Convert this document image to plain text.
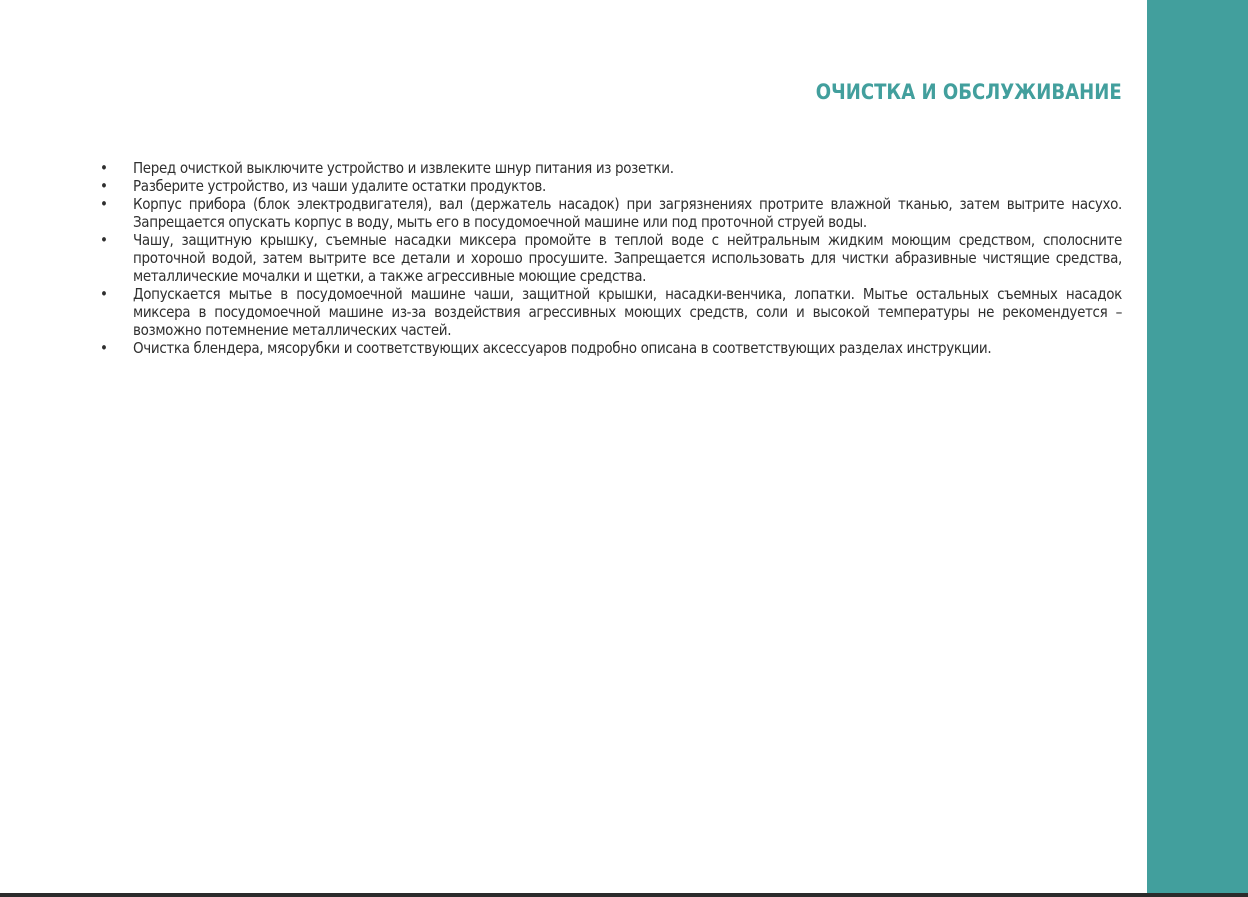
ОЧИСТКА И ОБСЛУЖИВАНИЕ
• Перед очисткой выключите устройство и извлеките шнур питания из розетки.
• Разберите устройство, из чаши удалите остатки продуктов.
• Корпус прибора (блок электродвигателя), вал (держатель насадок) при загрязнениях протрите влажной тканью, затем вытрите насухо. Запрещается опускать корпус в воду, мыть его в посудомоечной машине или под проточной струей воды.
• Чашу, защитную крышку, съемные насадки миксера промойте в теплой воде с нейтральным жидким моющим средством, сполосните проточной водой, затем вытрите все детали и хорошо просушите. Запрещается использовать для чистки абразивные чистящие средства, металлические мочалки и щетки, а также агрессивные моющие средства.
• Допускается мытье в посудомоечной машине чаши, защитной крышки, насадки-венчика, лопатки. Мытье остальных съемных насадок миксера в посудомоечной машине из-за воздействия агрессивных моющих средств, соли и высокой температуры не рекомендуется – возможно потемнение металлических частей.
• Очистка блендера, мясорубки и соответствующих аксессуаров подробно описана в соответствующих разделах инструкции.
